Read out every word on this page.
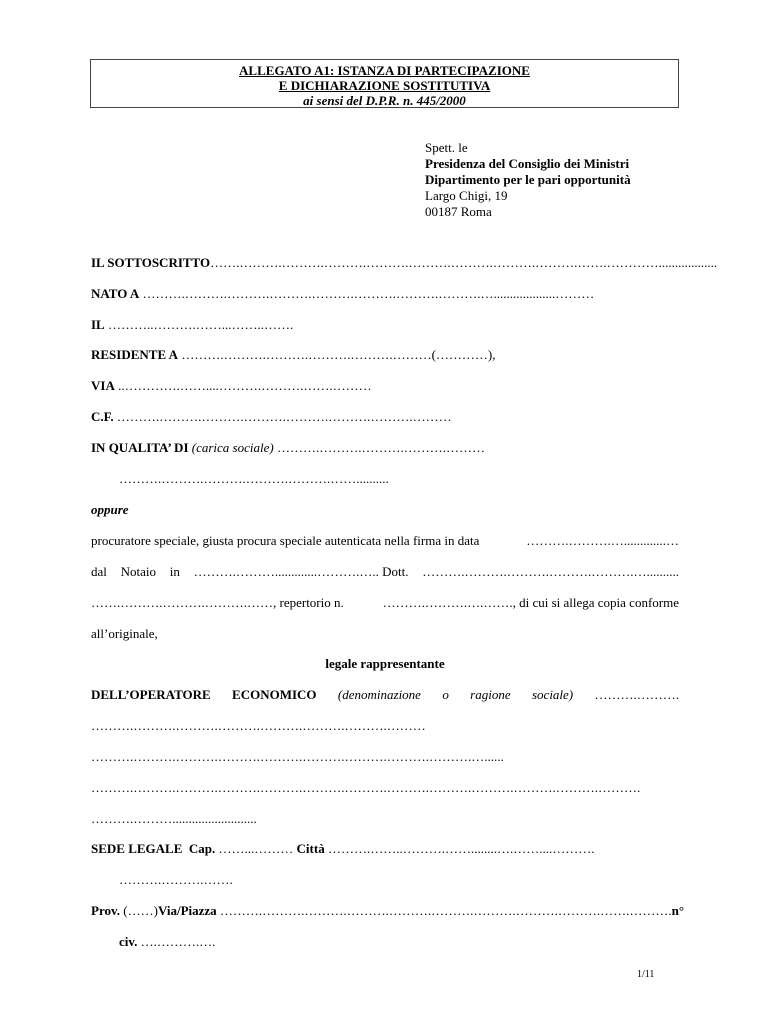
ALLEGATO A1: ISTANZA DI PARTECIPAZIONE
E DICHIARAZIONE SOSTITUTIVA
ai sensi del D.P.R. n. 445/2000
Spett. le
Presidenza del Consiglio dei Ministri
Dipartimento per le pari opportunità
Largo Chigi, 19
00187 Roma
IL SOTTOSCRITTO…….……….……….……….……….……….……….……….……….…….…………..................
NATO A ……….……….……….……….……….……….……….……….…...................………
IL ………..……….……...……..…….
RESIDENTE A ……….……….……….……….……….………(…………),
VIA ..………….……....……….……….…….………
C.F. ……….……….……….……….……….……….……….………
IN QUALITA’ DI (carica sociale) ……….……….……….……….………
……….……….……….……….……….……..........
oppure
procuratore speciale, giusta procura speciale autenticata nella firma in data	……….……….….............…
dal Notaio in ……….……….............……….….. Dott. ……….……….……….……….……….…..........
…….……….……….……….……, repertorio n.	……….……….….……., di cui si allega copia conforme
all’originale,
legale rappresentante
DELL’OPERATORE ECONOMICO (denominazione o ragione sociale) ……….……….
……….……….……….……….……….……….……….………
……….……….……….……….……….……….……….……….……….…......
……….……….……….……….……….……….……….……….……….……….……….……….……….
……….………..........................
SEDE LEGALE Cap. ……...……… Città ……….……..……….……........….……....……….
……….……….…….
Prov. (……) Via/Piazza ……….……….……….……….……….……….……….……….……….…….……….n°
civ. ….……….….
1/11
